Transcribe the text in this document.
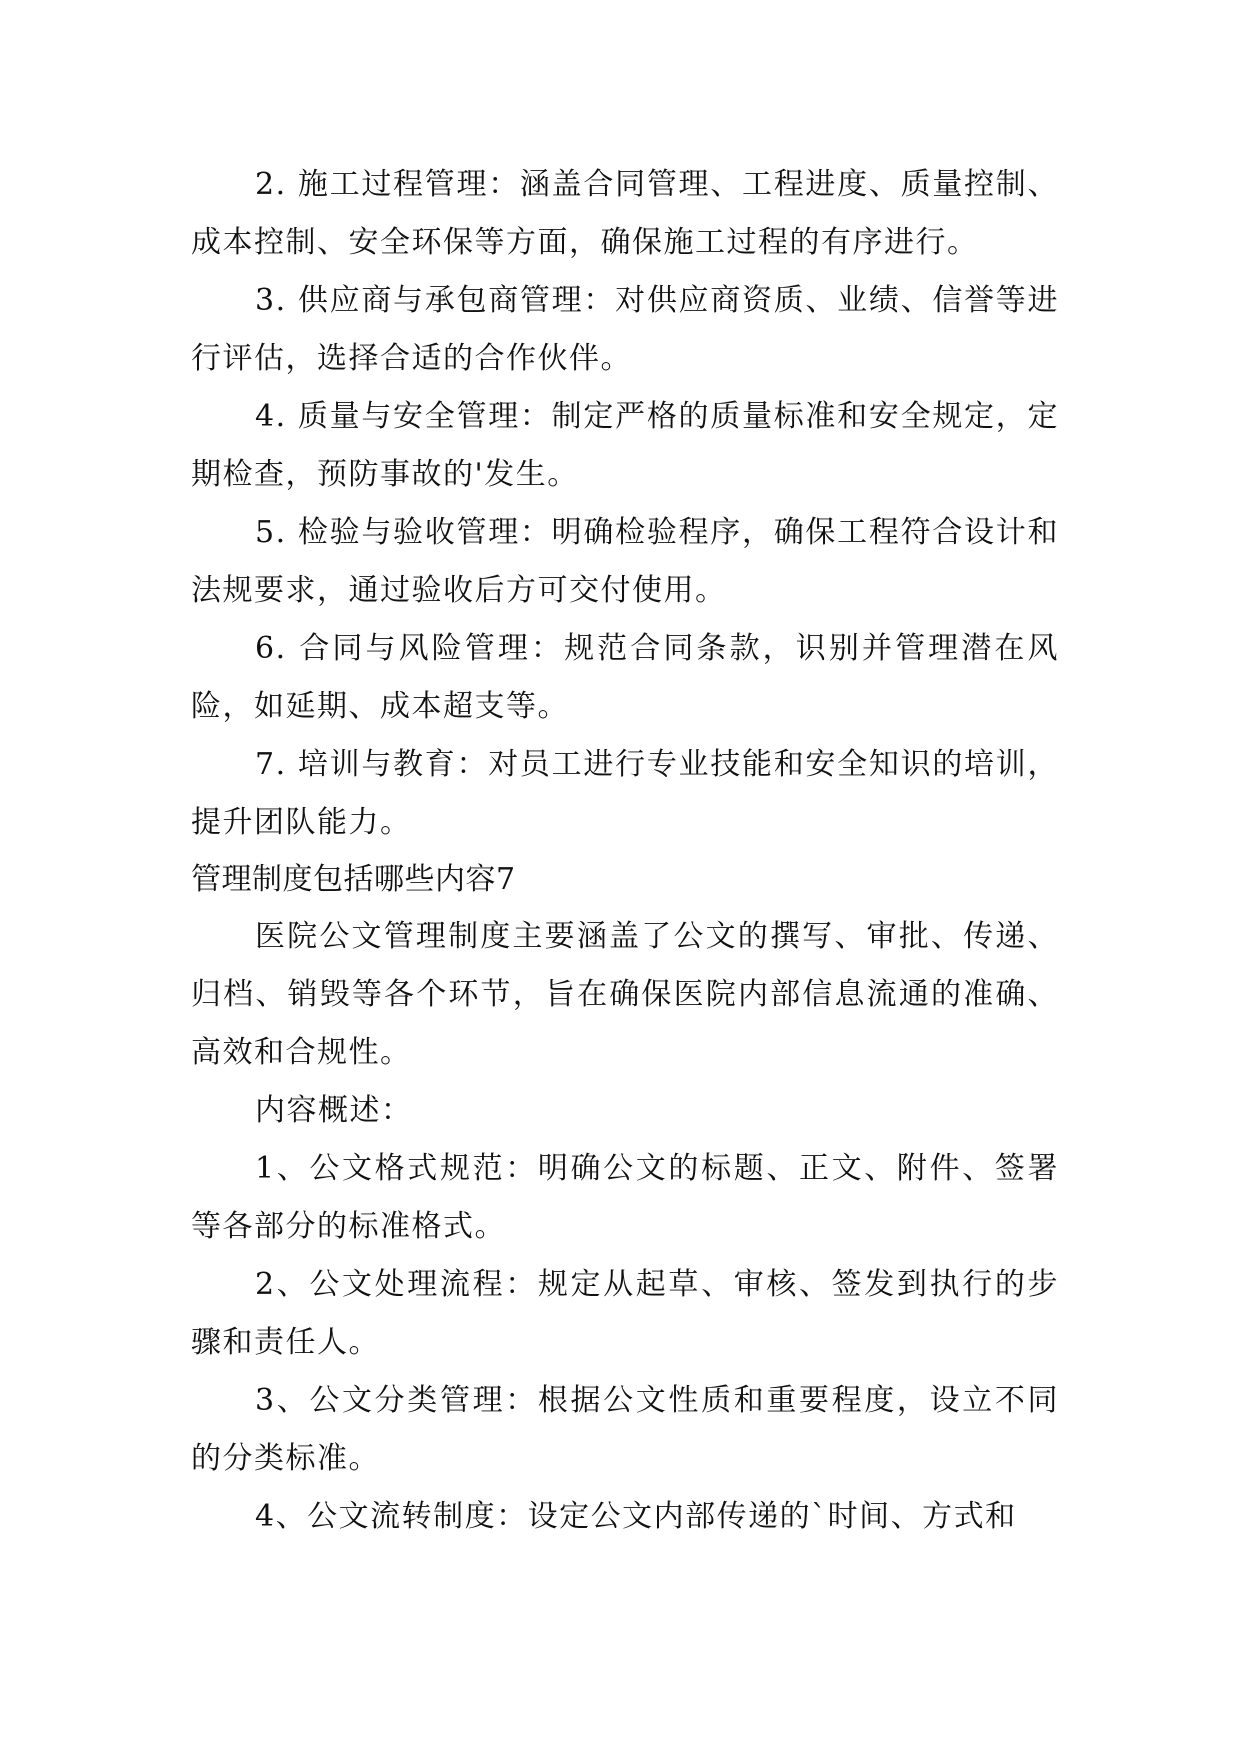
2. 施工过程管理：涵盖合同管理、工程进度、质量控制、成本控制、安全环保等方面，确保施工过程的有序进行。

3. 供应商与承包商管理：对供应商资质、业绩、信誉等进行评估，选择合适的合作伙伴。

4. 质量与安全管理：制定严格的质量标准和安全规定，定期检查，预防事故的'发生。

5. 检验与验收管理：明确检验程序，确保工程符合设计和法规要求，通过验收后方可交付使用。

6. 合同与风险管理：规范合同条款，识别并管理潜在风险，如延期、成本超支等。

7. 培训与教育：对员工进行专业技能和安全知识的培训，提升团队能力。

管理制度包括哪些内容7

医院公文管理制度主要涵盖了公文的撰写、审批、传递、归档、销毁等各个环节，旨在确保医院内部信息流通的准确、高效和合规性。

内容概述：

1、公文格式规范：明确公文的标题、正文、附件、签署等各部分的标准格式。

2、公文处理流程：规定从起草、审核、签发到执行的步骤和责任人。

3、公文分类管理：根据公文性质和重要程度，设立不同的分类标准。

4、公文流转制度：设定公文内部传递的`时间、方式和
